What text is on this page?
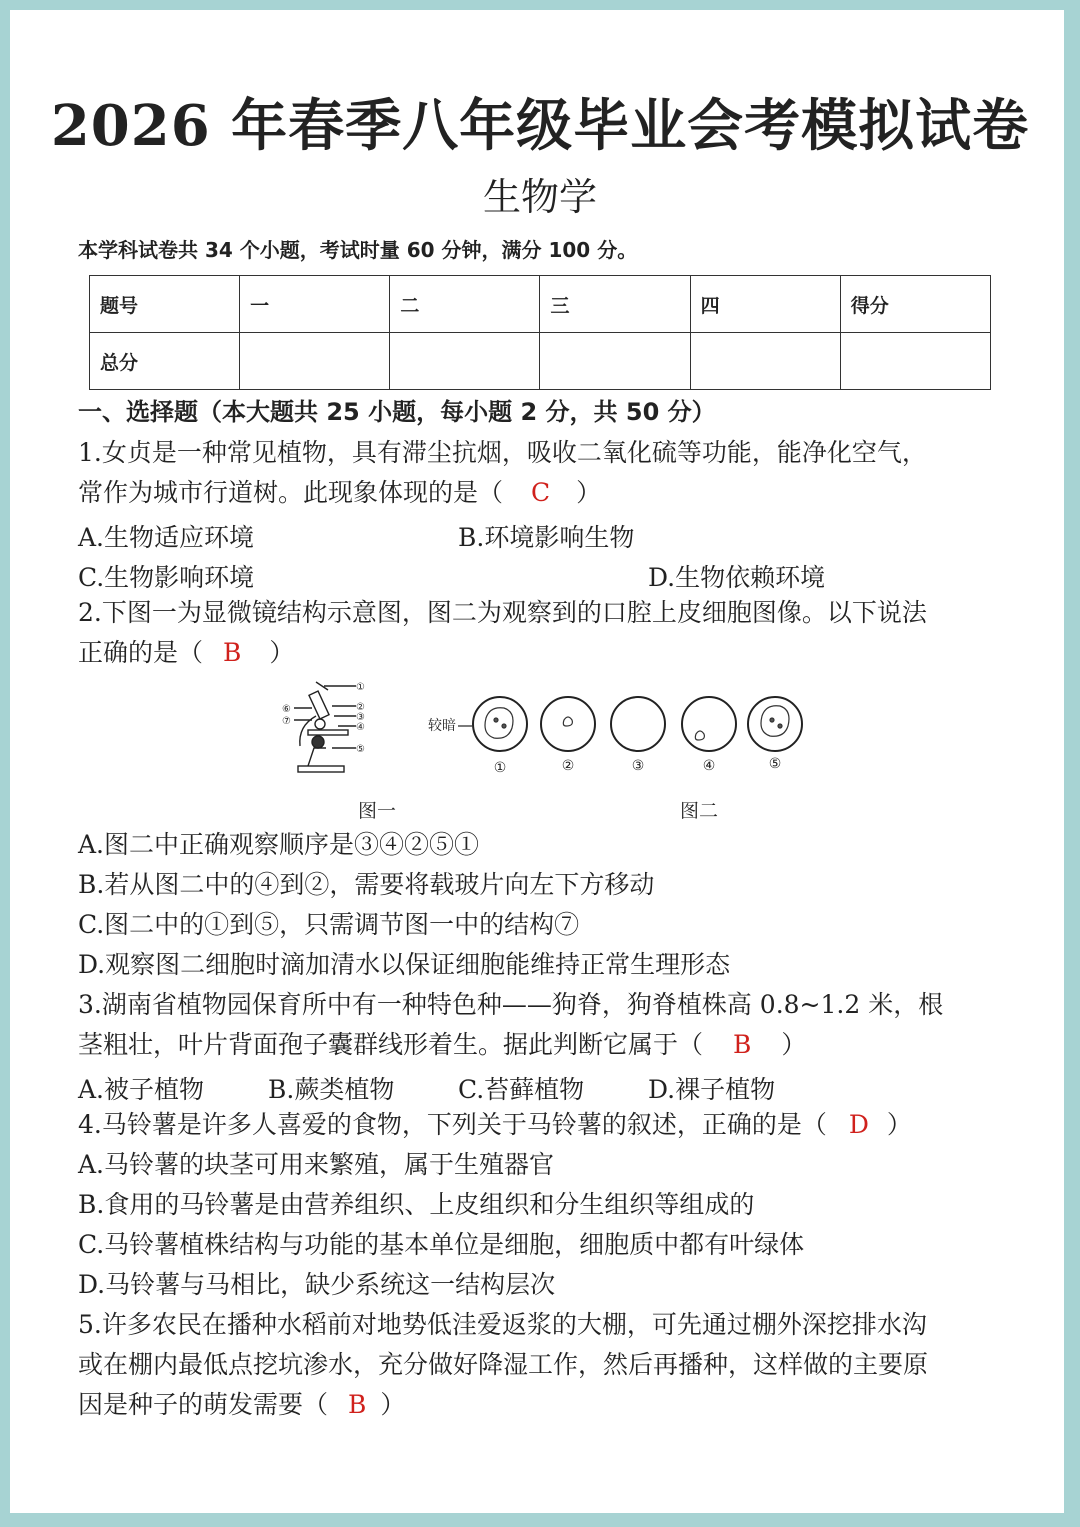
2026 年春季八年级毕业会考模拟试卷
生物学
本学科试卷共 34 个小题，考试时量 60 分钟，满分 100 分。
题号	一	二	三	四	得分
总分					
一、选择题（本大题共 25 小题，每小题 2 分，共 50 分）
1.女贞是一种常见植物，具有滞尘抗烟，吸收二氧化硫等功能，能净化空气，
常作为城市行道树。此现象体现的是（ C ）
A.生物适应环境	B.环境影响生物
C.生物影响环境	D.生物依赖环境
2.下图一为显微镜结构示意图，图二为观察到的口腔上皮细胞图像。以下说法
正确的是（ B ）
①
②
③
④
⑤
⑥
⑦	较暗
①	②	③	④	⑤
图一	图二
A.图二中正确观察顺序是③④②⑤①
B.若从图二中的④到②，需要将载玻片向左下方移动
C.图二中的①到⑤，只需调节图一中的结构⑦
D.观察图二细胞时滴加清水以保证细胞能维持正常生理形态
3.湖南省植物园保育所中有一种特色种——狗脊，狗脊植株高 0.8~1.2 米，根
茎粗壮，叶片背面孢子囊群线形着生。据此判断它属于（ B ）
A.被子植物	B.蕨类植物	C.苔藓植物	D.裸子植物
4.马铃薯是许多人喜爱的食物，下列关于马铃薯的叙述，正确的是（ D ）
A.马铃薯的块茎可用来繁殖，属于生殖器官
B.食用的马铃薯是由营养组织、上皮组织和分生组织等组成的
C.马铃薯植株结构与功能的基本单位是细胞，细胞质中都有叶绿体
D.马铃薯与马相比，缺少系统这一结构层次
5.许多农民在播种水稻前对地势低洼爱返浆的大棚，可先通过棚外深挖排水沟
或在棚内最低点挖坑渗水，充分做好降湿工作，然后再播种，这样做的主要原
因是种子的萌发需要（ B ）
